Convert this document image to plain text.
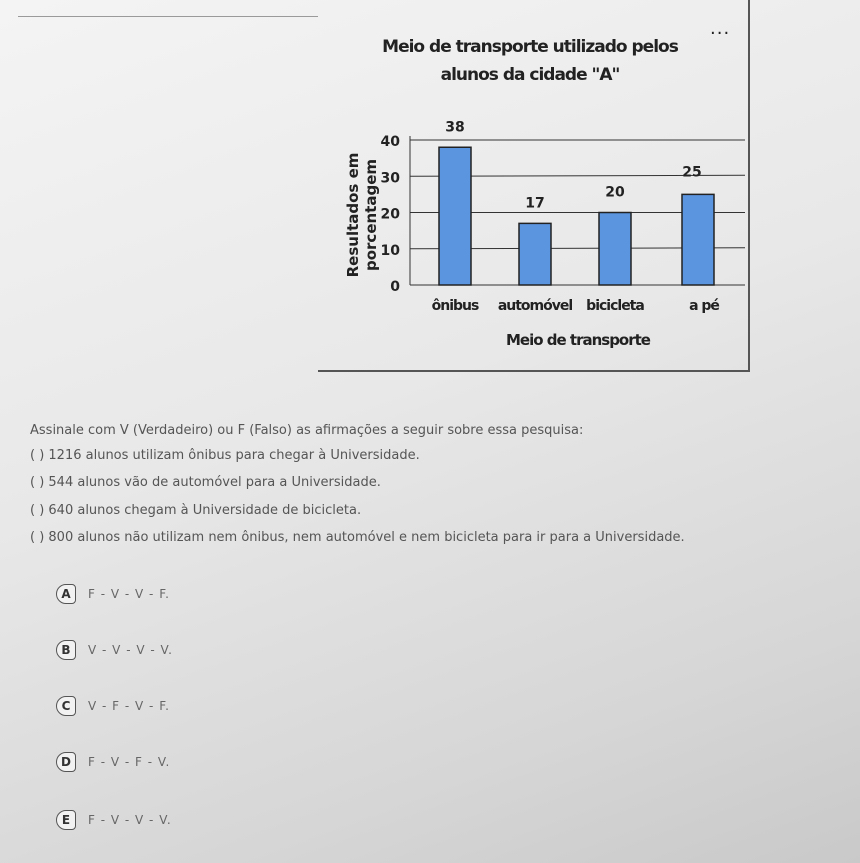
Meio de transporte utilizado pelos
alunos da cidade "A"
Resultados em porcentagem
0
10
20
30
40
38
17
20
25
ônibus automóvel bicicleta	a pé
Meio de transporte
...
Assinale com V (Verdadeiro) ou F (Falso) as afirmações a seguir sobre essa pesquisa:
( ) 1216 alunos utilizam ônibus para chegar à Universidade.
( ) 544 alunos vão de automóvel para a Universidade.
( ) 640 alunos chegam à Universidade de bicicleta.
( ) 800 alunos não utilizam nem ônibus, nem automóvel e nem bicicleta para ir para a Universidade.
A	F - V - V - F.
B	V - V - V - V.
C	V - F - V - F.
D	F - V - F - V.
E	F - V - V - V.
